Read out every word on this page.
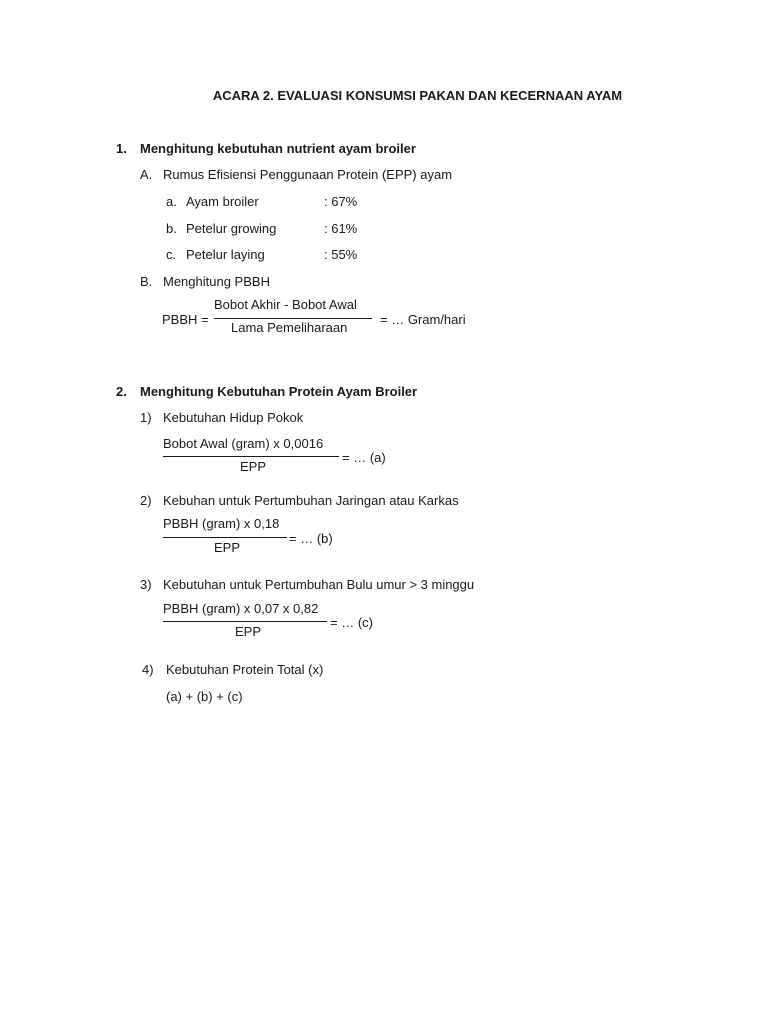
ACARA 2. EVALUASI KONSUMSI PAKAN DAN KECERNAAN AYAM
1. Menghitung kebutuhan nutrient ayam broiler
A. Rumus Efisiensi Penggunaan Protein (EPP) ayam
a. Ayam broiler	: 67%
b. Petelur growing	: 61%
c. Petelur laying	: 55%
B. Menghitung PBBH
PBBH =
Bobot Akhir - Bobot Awal
Lama Pemeliharaan
= … Gram/hari
2. Menghitung Kebutuhan Protein Ayam Broiler
1) Kebutuhan Hidup Pokok
Bobot Awal (gram) x 0,0016
EPP
= … (a)
2) Kebuhan untuk Pertumbuhan Jaringan atau Karkas
PBBH (gram) x 0,18
EPP
= … (b)
3) Kebutuhan untuk Pertumbuhan Bulu umur > 3 minggu
PBBH (gram) x 0,07 x 0,82
EPP
= … (c)
4) Kebutuhan Protein Total (x)
(a) + (b) + (c)
